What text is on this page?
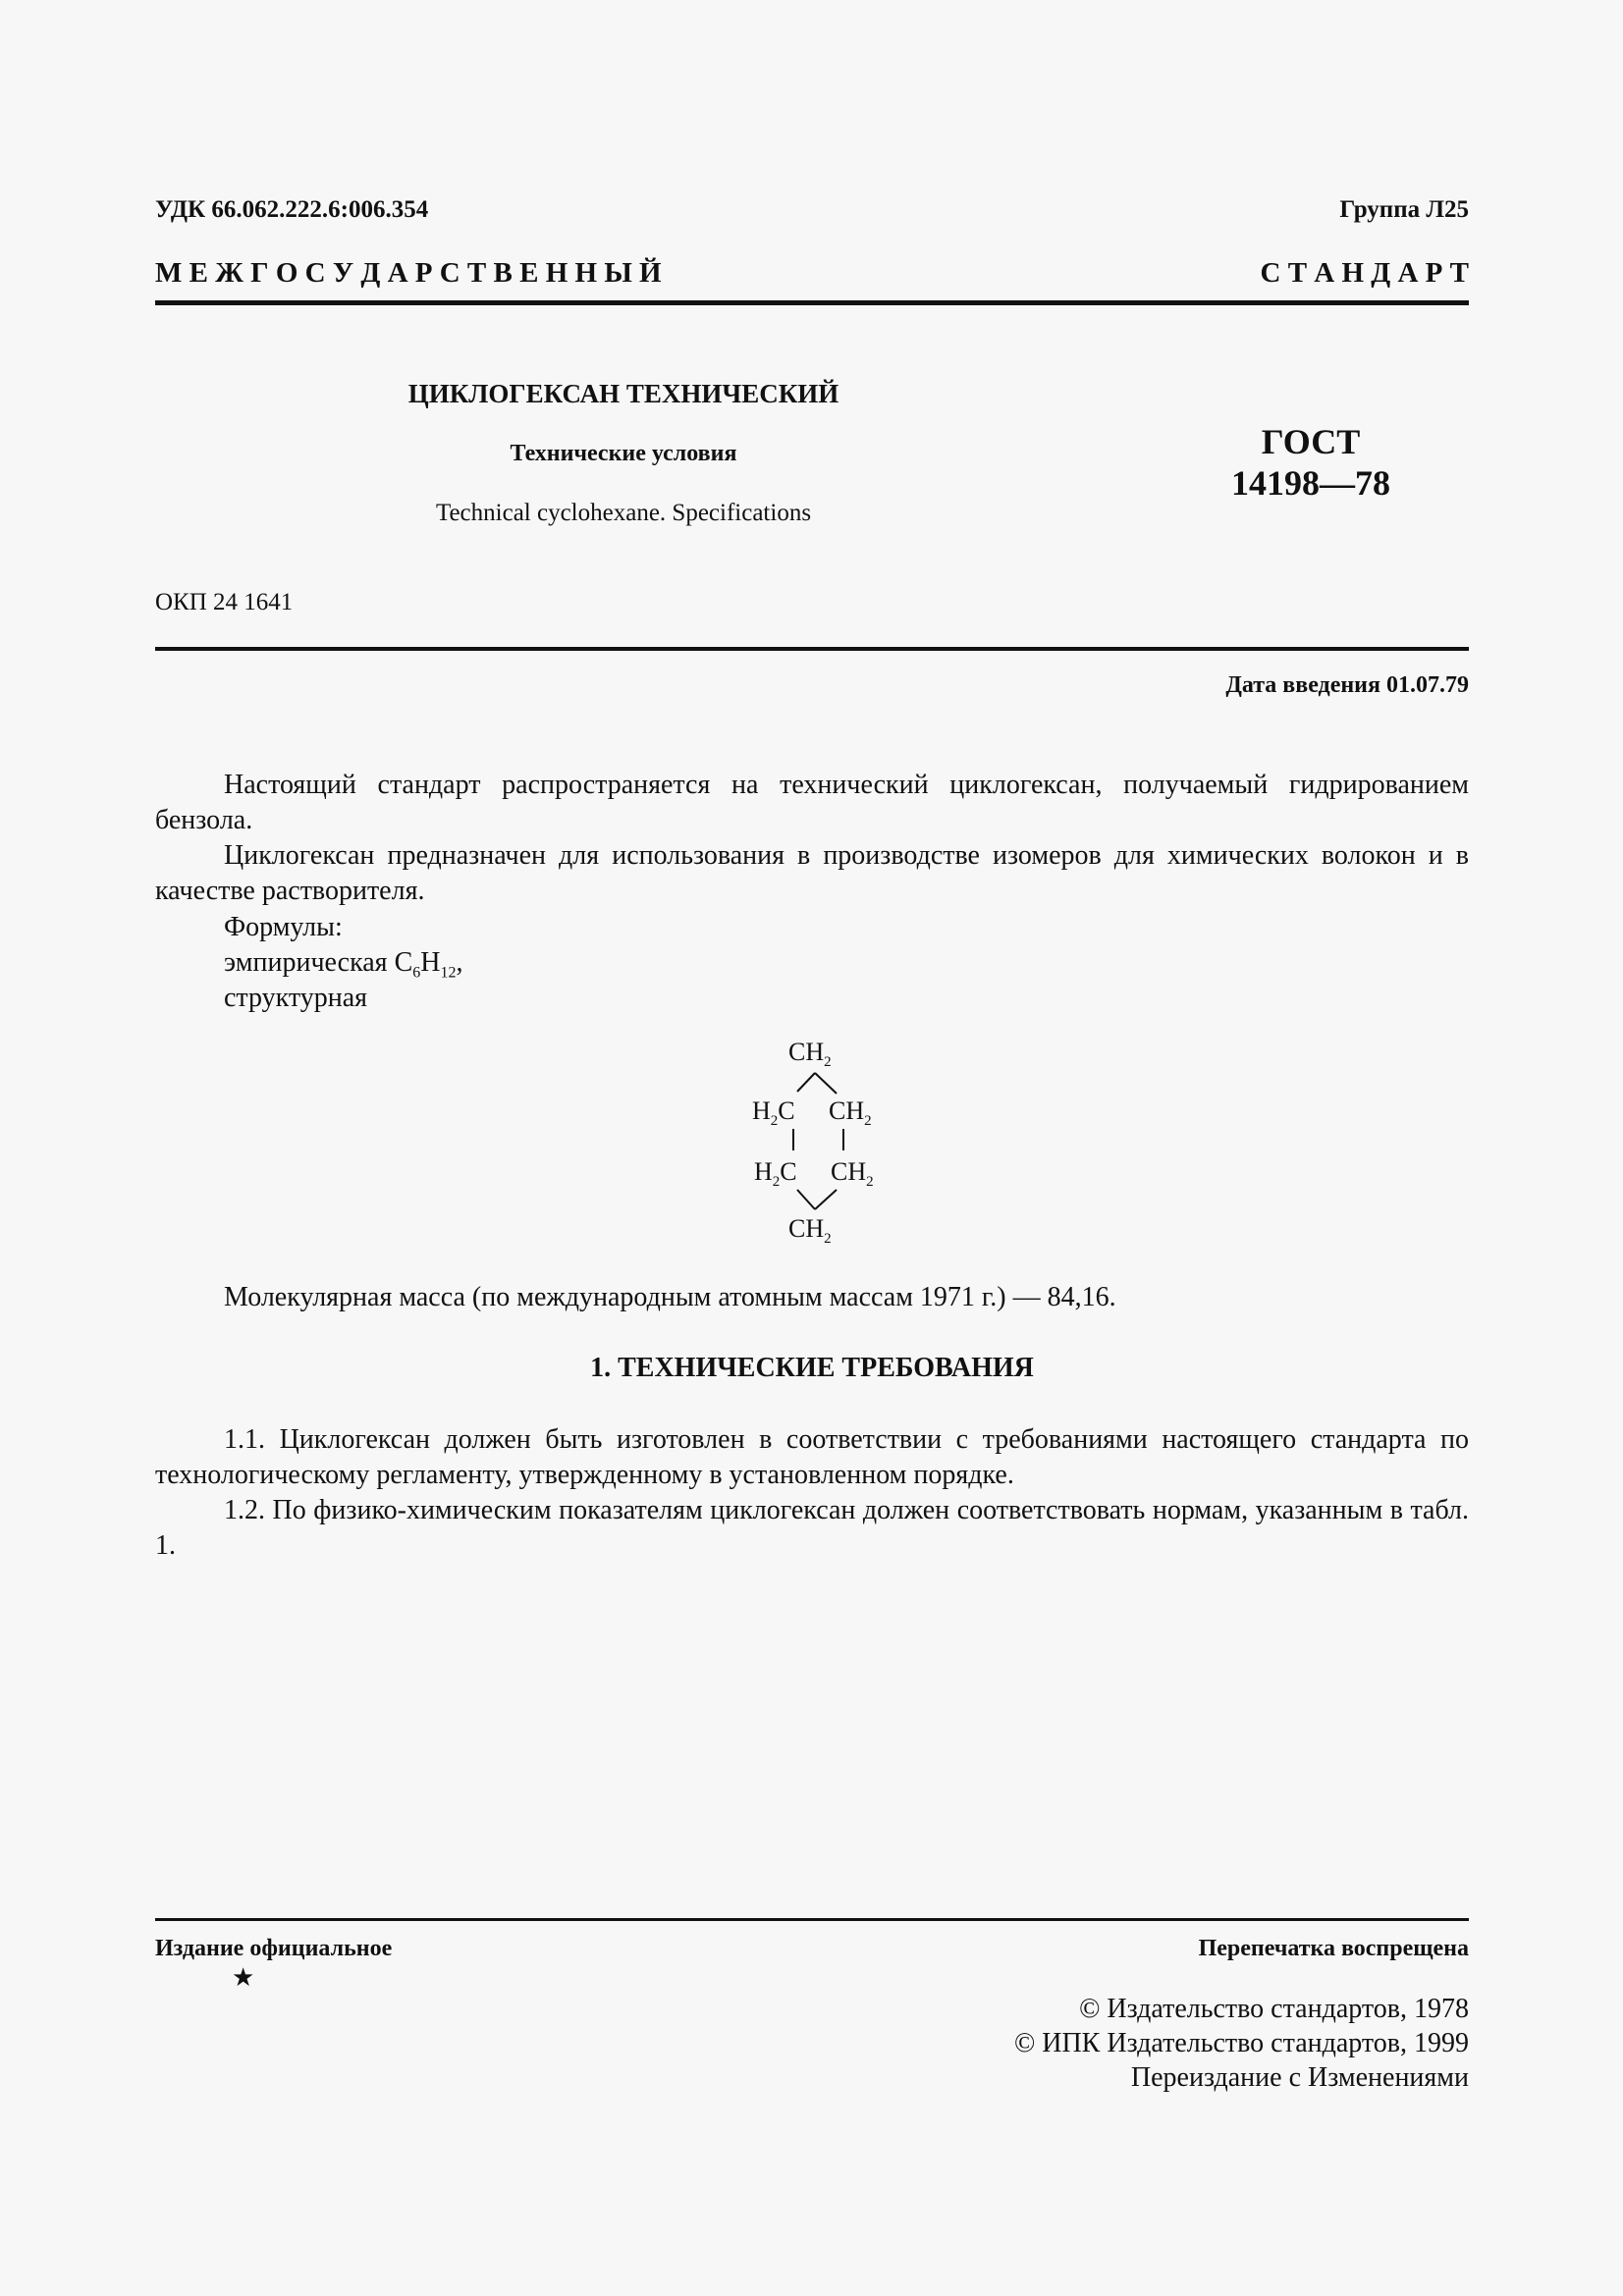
УДК 66.062.222.6:006.354	Группа Л25
М Е Ж Г О С У Д А Р С Т В Е Н Н Ы Й	С Т А Н Д А Р Т
ЦИКЛОГЕКСАН ТЕХНИЧЕСКИЙ
Технические условия
Technical cyclohexane. Specifications
ГОСТ
14198—78
ОКП 24 1641
Дата введения 01.07.79
Настоящий стандарт распространяется на технический циклогексан, получаемый гидрированием бензола.
Циклогексан предназначен для использования в производстве изомеров для химических волокон и в качестве растворителя.
Формулы:
эмпирическая $C_6H_{12}$,
структурная
$CH_2$
$H_2C$ $CH_2$
$H_2C$ $CH_2$
$CH_2$
Молекулярная масса (по международным атомным массам 1971 г.) — 84,16.
1. ТЕХНИЧЕСКИЕ ТРЕБОВАНИЯ
1.1. Циклогексан должен быть изготовлен в соответствии с требованиями настоящего стандарта по технологическому регламенту, утвержденному в установленном порядке.
1.2. По физико-химическим показателям циклогексан должен соответствовать нормам, указанным в табл. 1.
Издание официальное
★
Перепечатка воспрещена
© Издательство стандартов, 1978
© ИПК Издательство стандартов, 1999
Переиздание с Изменениями
